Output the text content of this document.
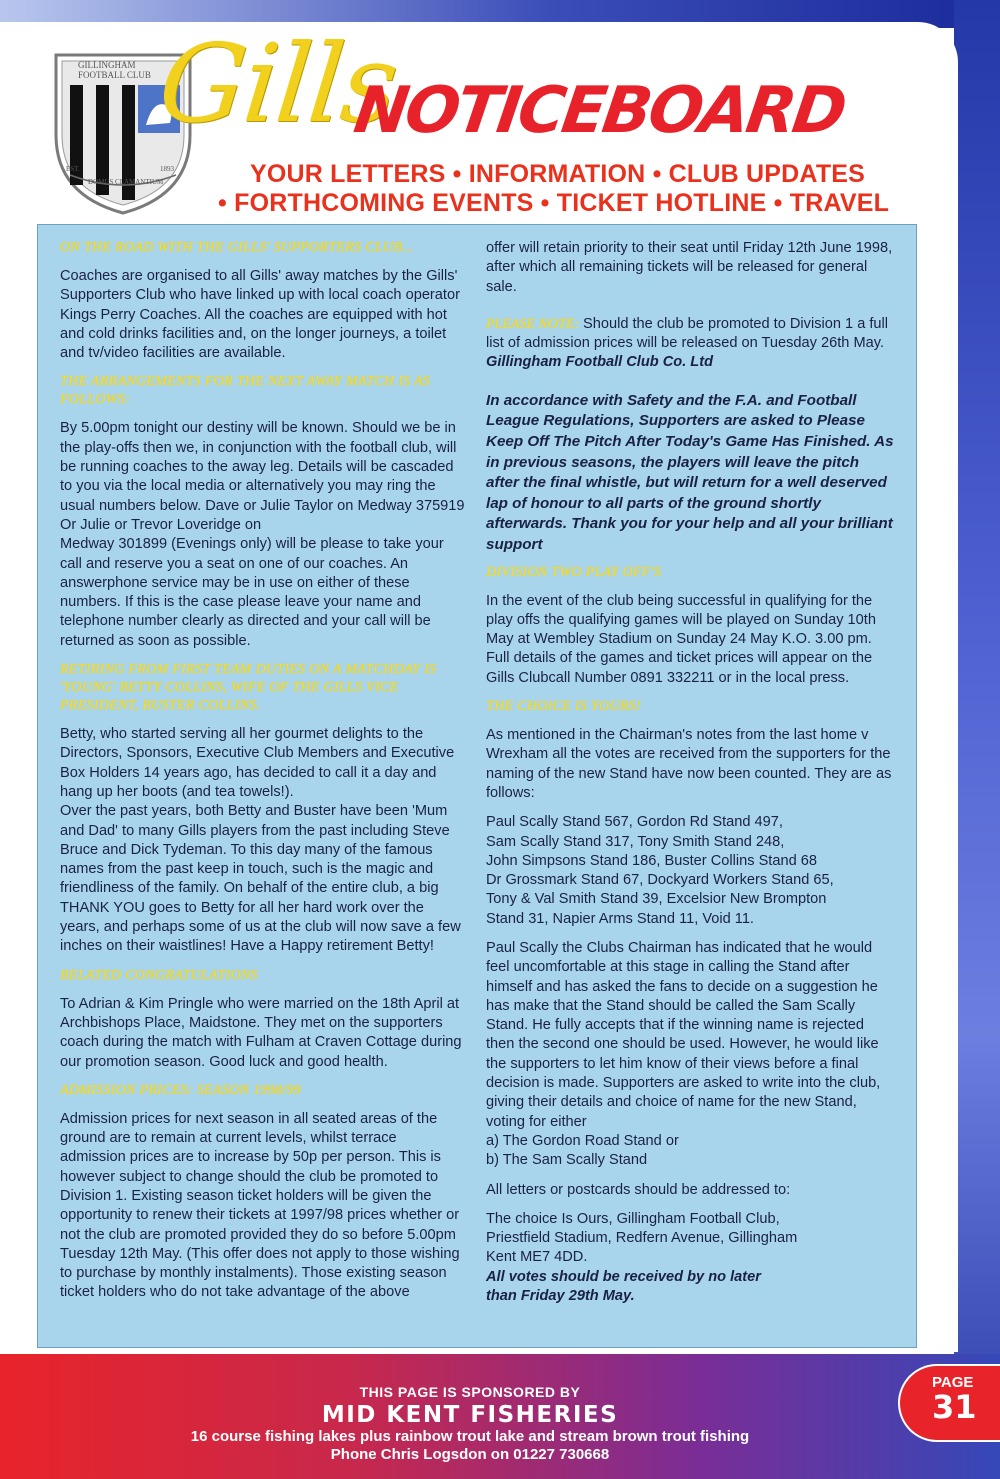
GILLINGHAM FOOTBALL CLUB
DOMUS CLAMANTIUM
EST.	1893
Gills
NOTICEBOARD
YOUR LETTERS • INFORMATION • CLUB UPDATES
• FORTHCOMING EVENTS • TICKET HOTLINE • TRAVEL

ON THE ROAD WITH THE GILLS' SUPPORTERS CLUB...

Coaches are organised to all Gills' away matches by the Gills' Supporters Club who have linked up with local coach operator Kings Perry Coaches. All the coaches are equipped with hot and cold drinks facilities and, on the longer journeys, a toilet and tv/video facilities are available.

THE ARRANGEMENTS FOR THE NEXT AWAY MATCH IS AS FOLLOWS:

By 5.00pm tonight our destiny will be known. Should we be in the play-offs then we, in conjunction with the football club, will be running coaches to the away leg. Details will be cascaded to you via the local media or alternatively you may ring the usual numbers below. Dave or Julie Taylor on Medway 375919 Or Julie or Trevor Loveridge on

Medway 301899 (Evenings only) will be please to take your call and reserve you a seat on one of our coaches. An answerphone service may be in use on either of these numbers. If this is the case please leave your name and telephone number clearly as directed and your call will be returned as soon as possible.

RETIRING FROM FIRST TEAM DUTIES ON A MATCHDAY IS 'YOUNG' BETTY COLLINS, WIFE OF THE GILLS VICE PRESIDENT, BUSTER COLLINS.

Betty, who started serving all her gourmet delights to the Directors, Sponsors, Executive Club Members and Executive Box Holders 14 years ago, has decided to call it a day and hang up her boots (and tea towels!).

Over the past years, both Betty and Buster have been 'Mum and Dad' to many Gills players from the past including Steve Bruce and Dick Tydeman. To this day many of the famous names from the past keep in touch, such is the magic and friendliness of the family. On behalf of the entire club, a big THANK YOU goes to Betty for all her hard work over the years, and perhaps some of us at the club will now save a few inches on their waistlines! Have a Happy retirement Betty!

BELATED CONGRATULATIONS

To Adrian & Kim Pringle who were married on the 18th April at Archbishops Place, Maidstone. They met on the supporters coach during the match with Fulham at Craven Cottage during our promotion season. Good luck and good health.

ADMISSION PRICES: SEASON 1998/99

Admission prices for next season in all seated areas of the ground are to remain at current levels, whilst terrace admission prices are to increase by 50p per person. This is however subject to change should the club be promoted to Division 1. Existing season ticket holders will be given the opportunity to renew their tickets at 1997/98 prices whether or not the club are promoted provided they do so before 5.00pm Tuesday 12th May. (This offer does not apply to those wishing to purchase by monthly instalments). Those existing season ticket holders who do not take advantage of the above

offer will retain priority to their seat until Friday 12th June 1998, after which all remaining tickets will be released for general sale.

PLEASE NOTE: Should the club be promoted to Division 1 a full list of admission prices will be released on Tuesday 26th May. Gillingham Football Club Co. Ltd

In accordance with Safety and the F.A. and Football League Regulations, Supporters are asked to Please Keep Off The Pitch After Today's Game Has Finished. As in previous seasons, the players will leave the pitch after the final whistle, but will return for a well deserved lap of honour to all parts of the ground shortly afterwards. Thank you for your help and all your brilliant support

DIVISION TWO PLAY OFF'S

In the event of the club being successful in qualifying for the play offs the qualifying games will be played on Sunday 10th May at Wembley Stadium on Sunday 24 May K.O. 3.00 pm. Full details of the games and ticket prices will appear on the Gills Clubcall Number 0891 332211 or in the local press.

THE CHOICE IS YOURS!

As mentioned in the Chairman's notes from the last home v Wrexham all the votes are received from the supporters for the naming of the new Stand have now been counted. They are as follows:

Paul Scally Stand 567, Gordon Rd Stand 497,
Sam Scally Stand 317, Tony Smith Stand 248,
John Simpsons Stand 186, Buster Collins Stand 68
Dr Grossmark Stand 67, Dockyard Workers Stand 65,
Tony & Val Smith Stand 39, Excelsior New Brompton
Stand 31, Napier Arms Stand 11, Void 11.

Paul Scally the Clubs Chairman has indicated that he would feel uncomfortable at this stage in calling the Stand after himself and has asked the fans to decide on a suggestion he has make that the Stand should be called the Sam Scally Stand. He fully accepts that if the winning name is rejected then the second one should be used. However, he would like the supporters to let him know of their views before a final decision is made. Supporters are asked to write into the club, giving their details and choice of name for the new Stand, voting for either

a) The Gordon Road Stand or
b) The Sam Scally Stand

All letters or postcards should be addressed to:

The choice Is Ours, Gillingham Football Club,
Priestfield Stadium, Redfern Avenue, Gillingham
Kent ME7 4DD.
All votes should be received by no later
than Friday 29th May.
THIS PAGE IS SPONSORED BY
MID KENT FISHERIES
16 course fishing lakes plus rainbow trout lake and stream brown trout fishing
Phone Chris Logsdon on 01227 730668
PAGE
31
